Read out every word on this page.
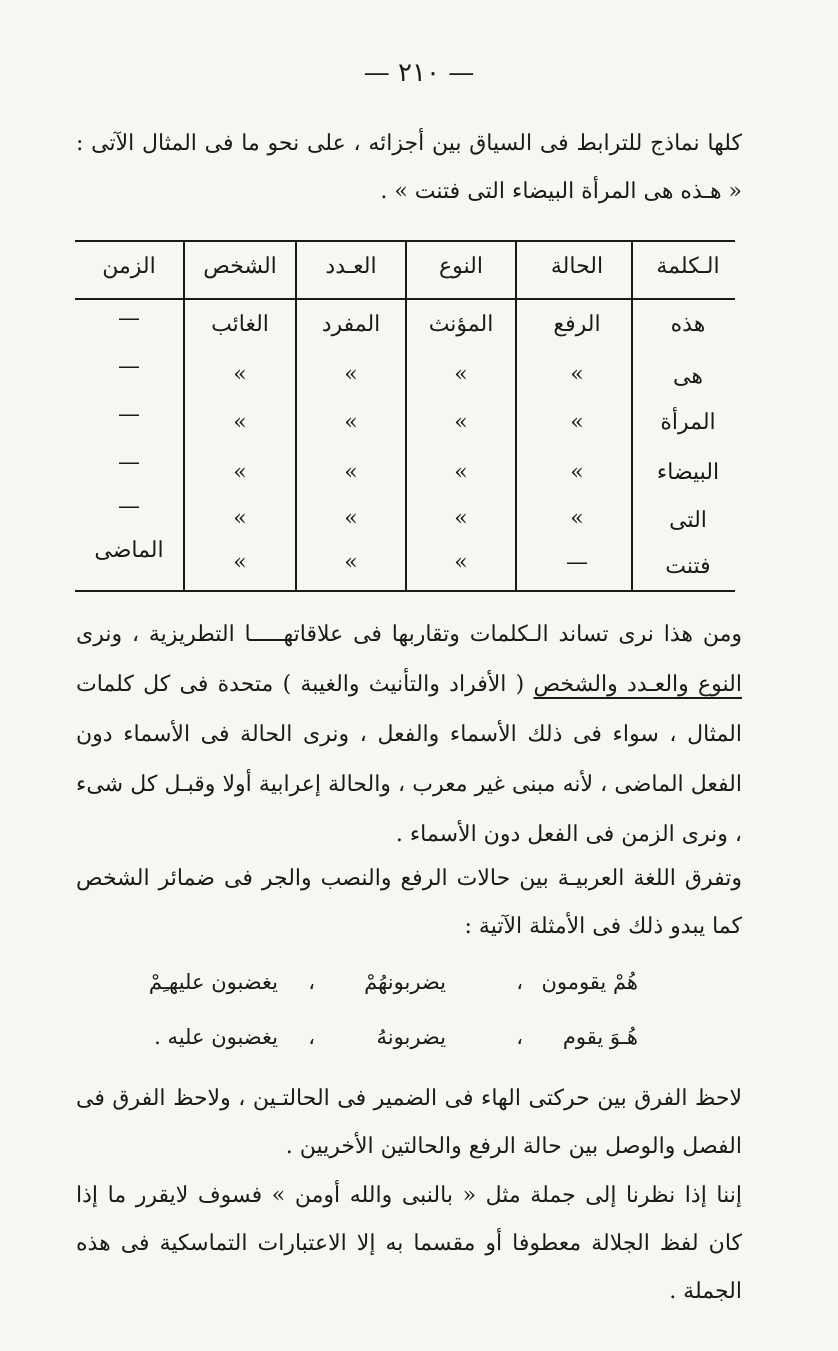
— ٢١٠ —
كلها نماذج للترابط فى السياق بين أجزائه ، على نحو ما فى المثال الآتى : « هـذه هى المرأة البيضاء التى فتنت » .
الـكلمة
الحالة
النوع
العـدد
الشخص
الزمن
هذه
الرفع
المؤنث
المفرد
الغائب
—
هى
»
»
»
»
—
المرأة
»
»
»
»
—
البيضاء
»
»
»
»
—
التى
»
»
»
»
—
فتنت
—
»
»
»
الماضى
ومن هذا نرى تساند الـكلمات وتقاربها فى علاقاتهـــــا التطريزية ، ونرى النوع والعـدد والشخص ( الأفراد والتأنيث والغيبة ) متحدة فى كل كلمات المثال ، سواء فى ذلك الأسماء والفعل ، ونرى الحالة فى الأسماء دون الفعل الماضى ، لأنه مبنى غير معرب ، والحالة إعرابية أولا وقبـل كل شىء ، ونرى الزمن فى الفعل دون الأسماء .
وتفرق اللغة العربيـة بين حالات الرفع والنصب والجر فى ضمائر الشخص كما يبدو ذلك فى الأمثلة الآتية :
هُمْ يقومون
،
يضربونهُمْ
،
يغضبون عليهـِمْ
هُـوَ يقوم
،
يضربونهُ
،
يغضبون عليه .
لاحظ الفرق بين حركتى الهاء فى الضمير فى الحالتـين ، ولاحظ الفرق فى الفصل والوصل بين حالة الرفع والحالتين الأخريين .
إننا إذا نظرنا إلى جملة مثل « بالنبى والله أومن » فسوف لايقرر ما إذا كان لفظ الجلالة معطوفا أو مقسما به إلا الاعتبارات التماسكية فى هذه الجملة .
